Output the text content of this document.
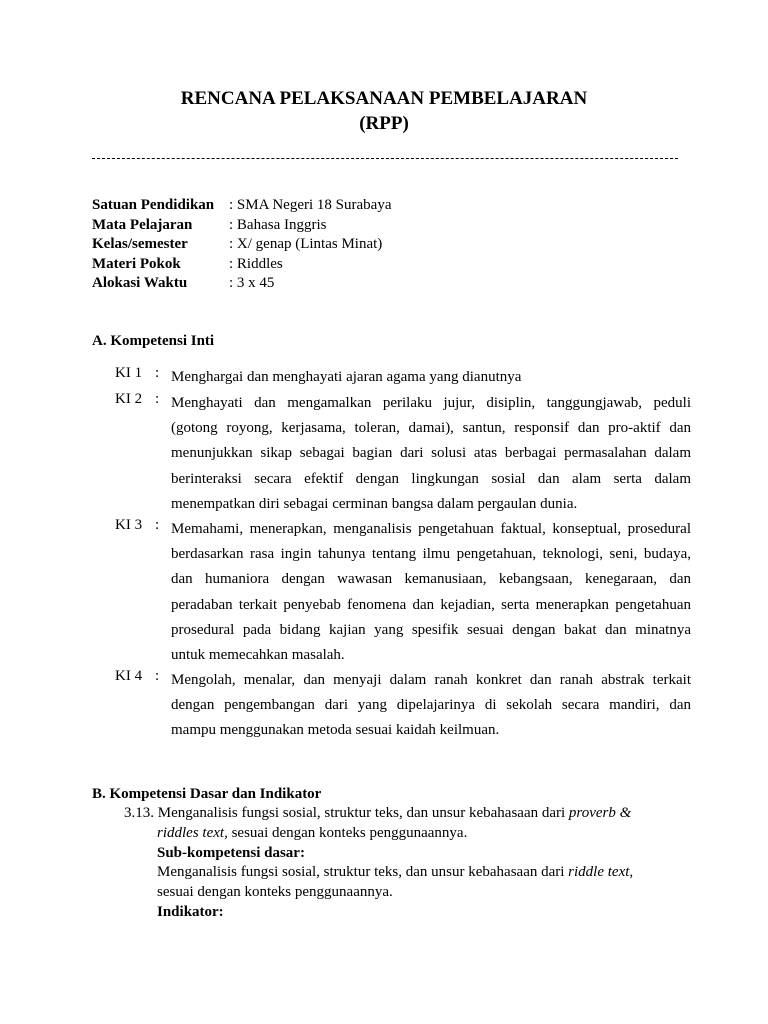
RENCANA PELAKSANAAN PEMBELAJARAN
(RPP)
Satuan Pendidikan : SMA Negeri 18 Surabaya
Mata Pelajaran	: Bahasa Inggris
Kelas/semester	: X/ genap (Lintas Minat)
Materi Pokok	: Riddles
Alokasi Waktu	: 3 x 45
A. Kompetensi Inti
KI 1 : Menghargai dan menghayati ajaran agama yang dianutnya
KI 2 : Menghayati dan mengamalkan perilaku jujur, disiplin, tanggungjawab, peduli
(gotong royong, kerjasama, toleran, damai), santun, responsif dan pro-aktif dan
menunjukkan sikap sebagai bagian dari solusi atas berbagai permasalahan dalam
berinteraksi secara efektif dengan lingkungan sosial dan alam serta dalam
menempatkan diri sebagai cerminan bangsa dalam pergaulan dunia.
KI 3 : Memahami, menerapkan, menganalisis pengetahuan faktual, konseptual, prosedural
berdasarkan rasa ingin tahunya tentang ilmu pengetahuan, teknologi, seni, budaya,
dan humaniora dengan wawasan kemanusiaan, kebangsaan, kenegaraan, dan
peradaban terkait penyebab fenomena dan kejadian, serta menerapkan pengetahuan
prosedural pada bidang kajian yang spesifik sesuai dengan bakat dan minatnya
untuk memecahkan masalah.
KI 4 : Mengolah, menalar, dan menyaji dalam ranah konkret dan ranah abstrak terkait
dengan pengembangan dari yang dipelajarinya di sekolah secara mandiri, dan
mampu menggunakan metoda sesuai kaidah keilmuan.
B. Kompetensi Dasar dan Indikator
3.13. Menganalisis fungsi sosial, struktur teks, dan unsur kebahasaan dari proverb &
riddles text, sesuai dengan konteks penggunaannya.
Sub-kompetensi dasar:
Menganalisis fungsi sosial, struktur teks, dan unsur kebahasaan dari riddle text,
sesuai dengan konteks penggunaannya.
Indikator:
